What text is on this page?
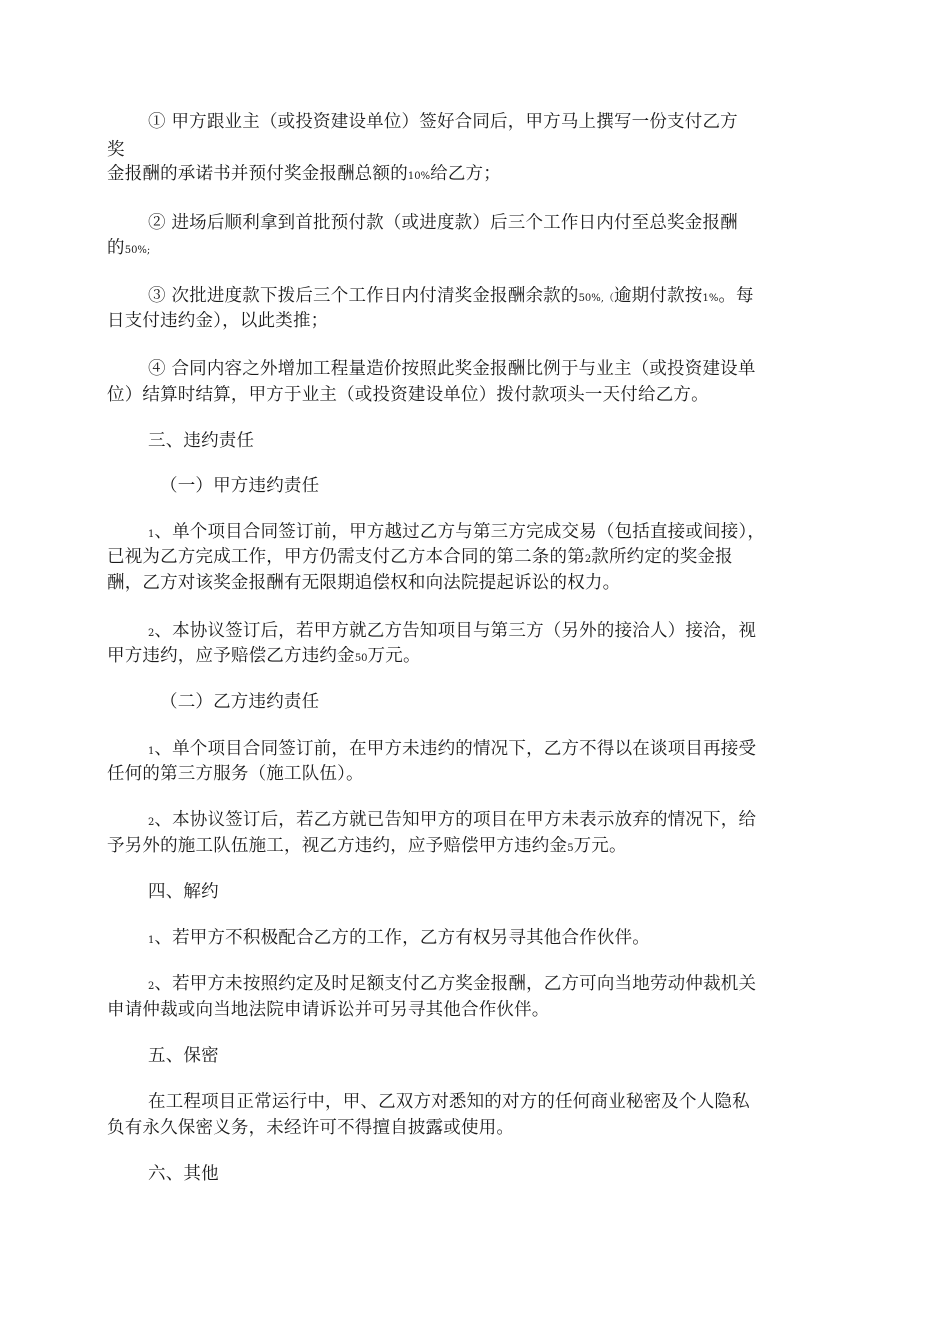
① 甲方跟业主（或投资建设单位）签好合同后，甲方马上撰写一份支付乙方
奖
金报酬的承诺书并预付奖金报酬总额的10%给乙方；
② 进场后顺利拿到首批预付款（或进度款）后三个工作日内付至总奖金报酬
的50%;
③ 次批进度款下拨后三个工作日内付清奖金报酬余款的50%,（逾期付款按1%。每
日支付违约金），以此类推；
④ 合同内容之外增加工程量造价按照此奖金报酬比例于与业主（或投资建设单
位）结算时结算，甲方于业主（或投资建设单位）拨付款项头一天付给乙方。
三、违约责任
（一）甲方违约责任
1、单个项目合同签订前，甲方越过乙方与第三方完成交易（包括直接或间接），
已视为乙方完成工作，甲方仍需支付乙方本合同的第二条的第2款所约定的奖金报
酬，乙方对该奖金报酬有无限期追偿权和向法院提起诉讼的权力。
2、本协议签订后，若甲方就乙方告知项目与第三方（另外的接洽人）接洽，视
甲方违约，应予赔偿乙方违约金50万元。
（二）乙方违约责任
1、单个项目合同签订前，在甲方未违约的情况下，乙方不得以在谈项目再接受
任何的第三方服务（施工队伍）。
2、本协议签订后，若乙方就已告知甲方的项目在甲方未表示放弃的情况下，给
予另外的施工队伍施工，视乙方违约，应予赔偿甲方违约金5万元。
四、解约
1、若甲方不积极配合乙方的工作，乙方有权另寻其他合作伙伴。
2、若甲方未按照约定及时足额支付乙方奖金报酬，乙方可向当地劳动仲裁机关
申请仲裁或向当地法院申请诉讼并可另寻其他合作伙伴。
五、保密
在工程项目正常运行中，甲、乙双方对悉知的对方的任何商业秘密及个人隐私
负有永久保密义务，未经许可不得擅自披露或使用。
六、其他
